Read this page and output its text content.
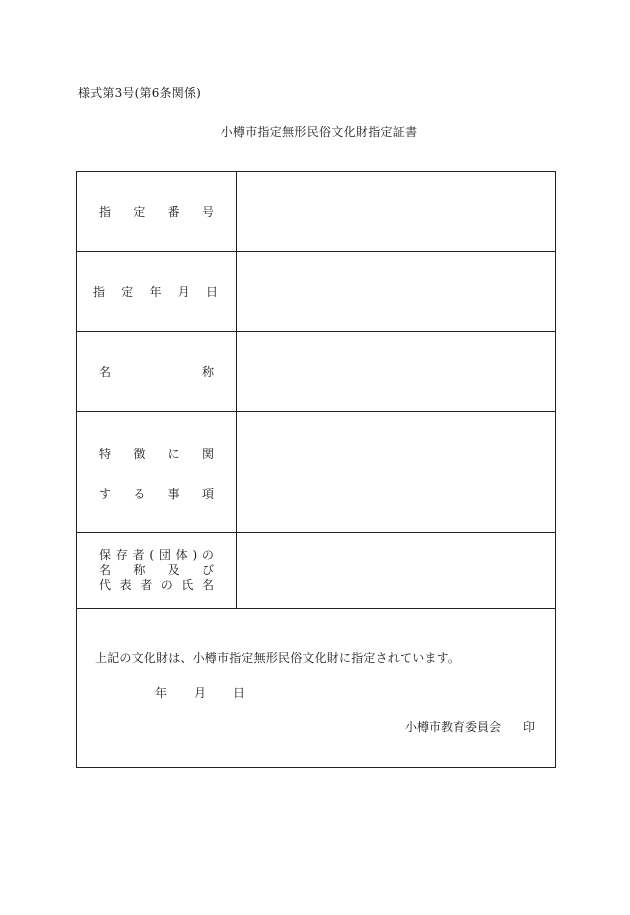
様式第3号(第6条関係)
小樽市指定無形民俗文化財指定証書
指 定 番 号
指 定 年 月 日
名	称
特 徴 に 関
す る 事 項
保 存 者 ( 団 体 ) の
名 称 及 び
代 表 者 の 氏 名
上記の文化財は、小樽市指定無形民俗文化財に指定されています。
年 月 日
小樽市教育委員会 印
